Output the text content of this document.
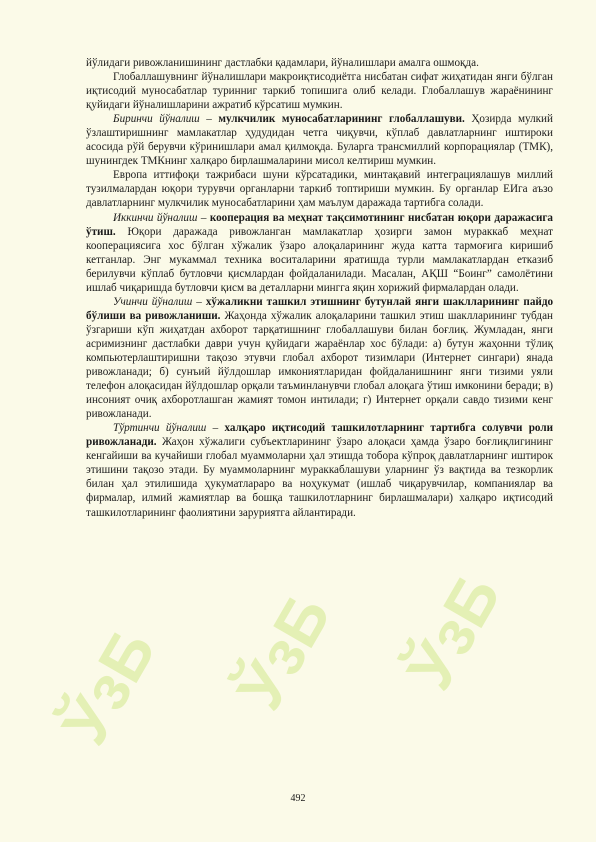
ЎзБ ЎзБ ЎзБ

йўлидаги ривожланишининг дастлабки қадамлари, йўналишлари амалга ошмоқда.

Глобаллашувнинг йўналишлари макроиқтисодиётга нисбатан сифат жиҳатидан янги бўлган иқтисодий муносабатлар туринниг таркиб топишига олиб келади. Глобаллашув жараёнининг қуйидаги йўналишларини ажратиб кўрсатиш мумкин.

Биринчи йўналиш – мулкчилик муносабатларининг глобаллашуви. Ҳозирда мулкий ўзлаштиришнинг мамлакатлар ҳудудидан четга чиқувчи, кўплаб давлатларнинг иштироки асосида рўй берувчи кўринишлари амал қилмоқда. Буларга трансмиллий корпорациялар (ТМК), шунингдек ТМКнинг халқаро бирлашмаларини мисол келтириш мумкин.

Европа иттифоқи тажрибаси шуни кўрсатадики, минтақавий интеграциялашув миллий тузилмалардан юқори турувчи органларни таркиб топтириши мумкин. Бу органлар ЕИга аъзо давлатларнинг мулкчилик муносабатларини ҳам маълум даражада тартибга солади.

Иккинчи йўналиш – кооперация ва меҳнат тақсимотининг нисбатан юқори даражасига ўтиш. Юқори даражада ривожланган мамлакатлар ҳозирги замон мураккаб меҳнат кооперациясига хос бўлган хўжалик ўзаро алоқаларининг жуда катта тармоғига киришиб кетганлар. Энг мукаммал техника воситаларини яратишда турли мамлакатлардан етказиб берилувчи кўплаб бутловчи қисмлардан фойдаланилади. Масалан, АҚШ “Боинг” самолётини ишлаб чиқаришда бутловчи қисм ва деталларни мингга яқин хорижий фирмалардан олади.

Учинчи йўналиш – хўжаликни ташкил этишнинг бутунлай янги шаклларининг пайдо бўлиши ва ривожланиши. Жаҳонда хўжалик алоқаларини ташкил этиш шаклларининг тубдан ўзгариши кўп жиҳатдан ахборот тарқатишнинг глобаллашуви билан боғлиқ. Жумладан, янги асримизнинг дастлабки даври учун қуйидаги жараёнлар хос бўлади: а) бутун жаҳонни тўлиқ компьютерлаштиришни тақозо этувчи глобал ахборот тизимлари (Интернет сингари) янада ривожланади; б) сунъий йўлдошлар имкониятларидан фойдаланишнинг янги тизими уяли телефон алоқасидан йўлдошлар орқали таъминланувчи глобал алоқага ўтиш имконини беради; в) инсоният очиқ ахборотлашган жамият томон интилади; г) Интернет орқали савдо тизими кенг ривожланади.

Тўртинчи йўналиш – халқаро иқтисодий ташкилотларнинг тартибга солувчи роли ривожланади. Жаҳон хўжалиги субъектларининг ўзаро алоқаси ҳамда ўзаро боғлиқлигининг кенгайиши ва кучайиши глобал муаммоларни ҳал этишда тобора кўпроқ давлатларнинг иштирок этишини тақозо этади. Бу муаммоларнинг мураккаблашуви уларнинг ўз вақтида ва тезкорлик билан ҳал этилишида ҳукуматлараро ва ноҳукумат (ишлаб чиқарувчилар, компаниялар ва фирмалар, илмий жамиятлар ва бошқа ташкилотларнинг бирлашмалари) халқаро иқтисодий ташкилотларининг фаолиятини заруриятга айлантиради.

492
